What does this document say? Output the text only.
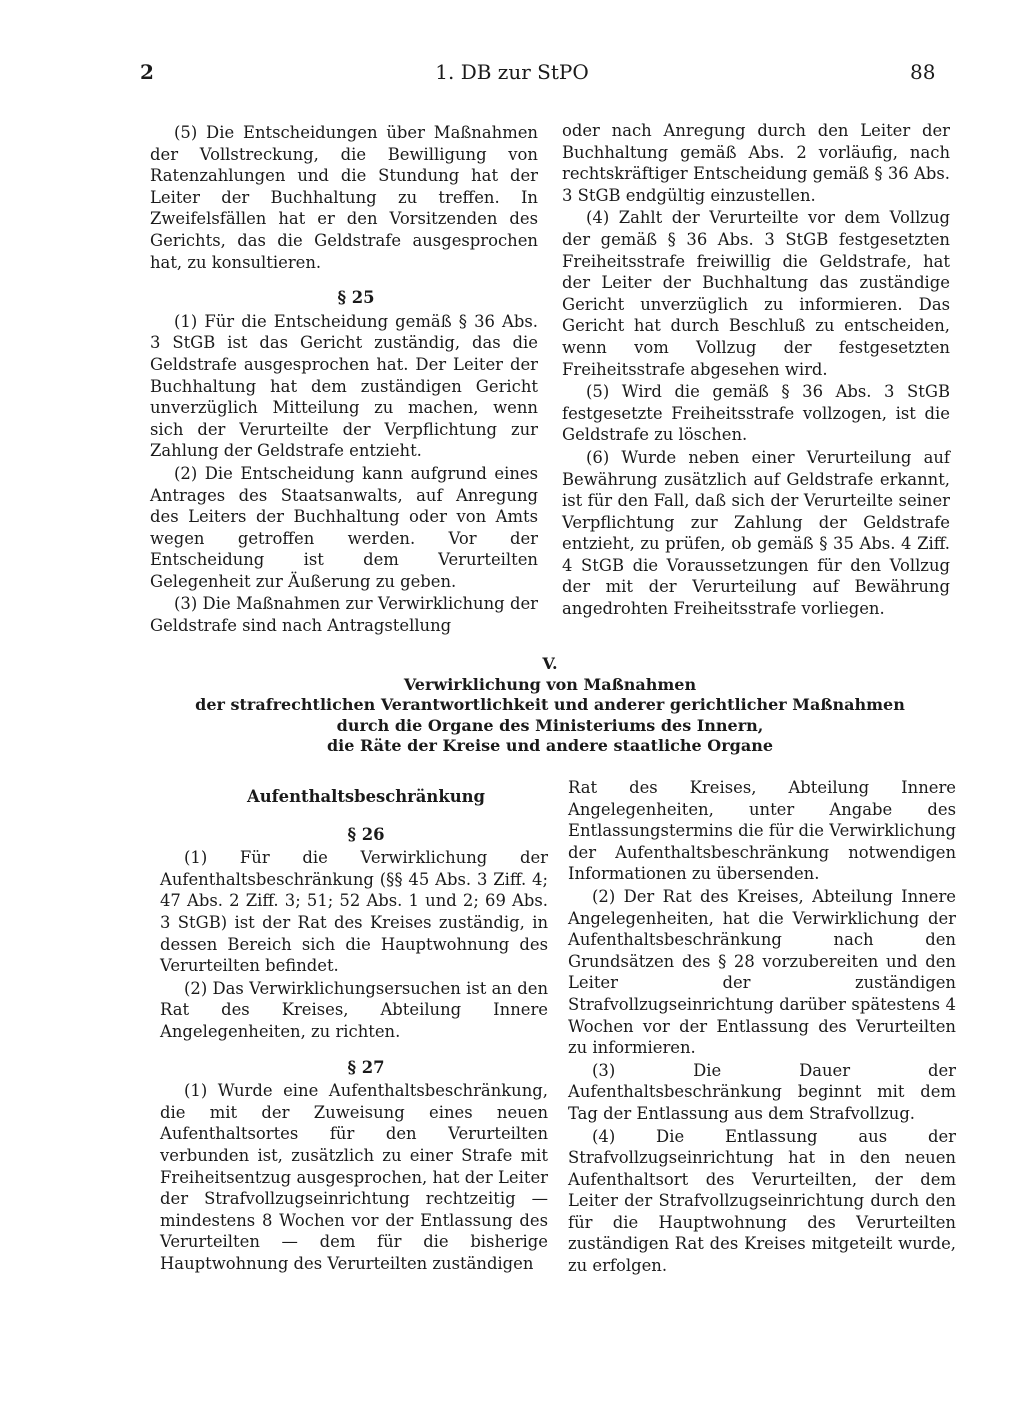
2	1. DB zur StPO	88

(5) Die Entscheidungen über Maßnahmen der Vollstreckung, die Bewilligung von Ratenzahlungen und die Stundung hat der Leiter der Buchhaltung zu treffen. In Zweifelsfällen hat er den Vorsitzenden des Gerichts, das die Geldstrafe ausgesprochen hat, zu konsultieren.

§ 25

(1) Für die Entscheidung gemäß § 36 Abs. 3 StGB ist das Gericht zuständig, das die Geldstrafe ausgesprochen hat. Der Leiter der Buchhaltung hat dem zuständigen Gericht unverzüglich Mitteilung zu machen, wenn sich der Verurteilte der Verpflichtung zur Zahlung der Geldstrafe entzieht.

(2) Die Entscheidung kann aufgrund eines Antrages des Staatsanwalts, auf Anregung des Leiters der Buchhaltung oder von Amts wegen getroffen werden. Vor der Entscheidung ist dem Verurteilten Gelegenheit zur Äußerung zu geben.

(3) Die Maßnahmen zur Verwirklichung der Geldstrafe sind nach Antragstellung

oder nach Anregung durch den Leiter der Buchhaltung gemäß Abs. 2 vorläufig, nach rechtskräftiger Entscheidung gemäß § 36 Abs. 3 StGB endgültig einzustellen.

(4) Zahlt der Verurteilte vor dem Vollzug der gemäß § 36 Abs. 3 StGB festgesetzten Freiheitsstrafe freiwillig die Geldstrafe, hat der Leiter der Buchhaltung das zuständige Gericht unverzüglich zu informieren. Das Gericht hat durch Beschluß zu entscheiden, wenn vom Vollzug der festgesetzten Freiheitsstrafe abgesehen wird.

(5) Wird die gemäß § 36 Abs. 3 StGB festgesetzte Freiheitsstrafe vollzogen, ist die Geldstrafe zu löschen.

(6) Wurde neben einer Verurteilung auf Bewährung zusätzlich auf Geldstrafe erkannt, ist für den Fall, daß sich der Verurteilte seiner Verpflichtung zur Zahlung der Geldstrafe entzieht, zu prüfen, ob gemäß § 35 Abs. 4 Ziff. 4 StGB die Voraussetzungen für den Vollzug der mit der Verurteilung auf Bewährung angedrohten Freiheitsstrafe vorliegen.

V.
Verwirklichung von Maßnahmen
der strafrechtlichen Verantwortlichkeit und anderer gerichtlicher Maßnahmen
durch die Organe des Ministeriums des Innern,
die Räte der Kreise und andere staatliche Organe

Aufenthaltsbeschränkung

§ 26

(1) Für die Verwirklichung der Aufenthaltsbeschränkung (§§ 45 Abs. 3 Ziff. 4; 47 Abs. 2 Ziff. 3; 51; 52 Abs. 1 und 2; 69 Abs. 3 StGB) ist der Rat des Kreises zuständig, in dessen Bereich sich die Hauptwohnung des Verurteilten befindet.

(2) Das Verwirklichungsersuchen ist an den Rat des Kreises, Abteilung Innere Angelegenheiten, zu richten.

§ 27

(1) Wurde eine Aufenthaltsbeschränkung, die mit der Zuweisung eines neuen Aufenthaltsortes für den Verurteilten verbunden ist, zusätzlich zu einer Strafe mit Freiheitsentzug ausgesprochen, hat der Leiter der Strafvollzugseinrichtung rechtzeitig — mindestens 8 Wochen vor der Entlassung des Verurteilten — dem für die bisherige Hauptwohnung des Verurteilten zuständigen

Rat des Kreises, Abteilung Innere Angelegenheiten, unter Angabe des Entlassungstermins die für die Verwirklichung der Aufenthaltsbeschränkung notwendigen Informationen zu übersenden.

(2) Der Rat des Kreises, Abteilung Innere Angelegenheiten, hat die Verwirklichung der Aufenthaltsbeschränkung nach den Grundsätzen des § 28 vorzubereiten und den Leiter der zuständigen Strafvollzugseinrichtung darüber spätestens 4 Wochen vor der Entlassung des Verurteilten zu informieren.

(3) Die Dauer der Aufenthaltsbeschränkung beginnt mit dem Tag der Entlassung aus dem Strafvollzug.

(4) Die Entlassung aus der Strafvollzugseinrichtung hat in den neuen Aufenthaltsort des Verurteilten, der dem Leiter der Strafvollzugseinrichtung durch den für die Hauptwohnung des Verurteilten zuständigen Rat des Kreises mitgeteilt wurde, zu erfolgen.
